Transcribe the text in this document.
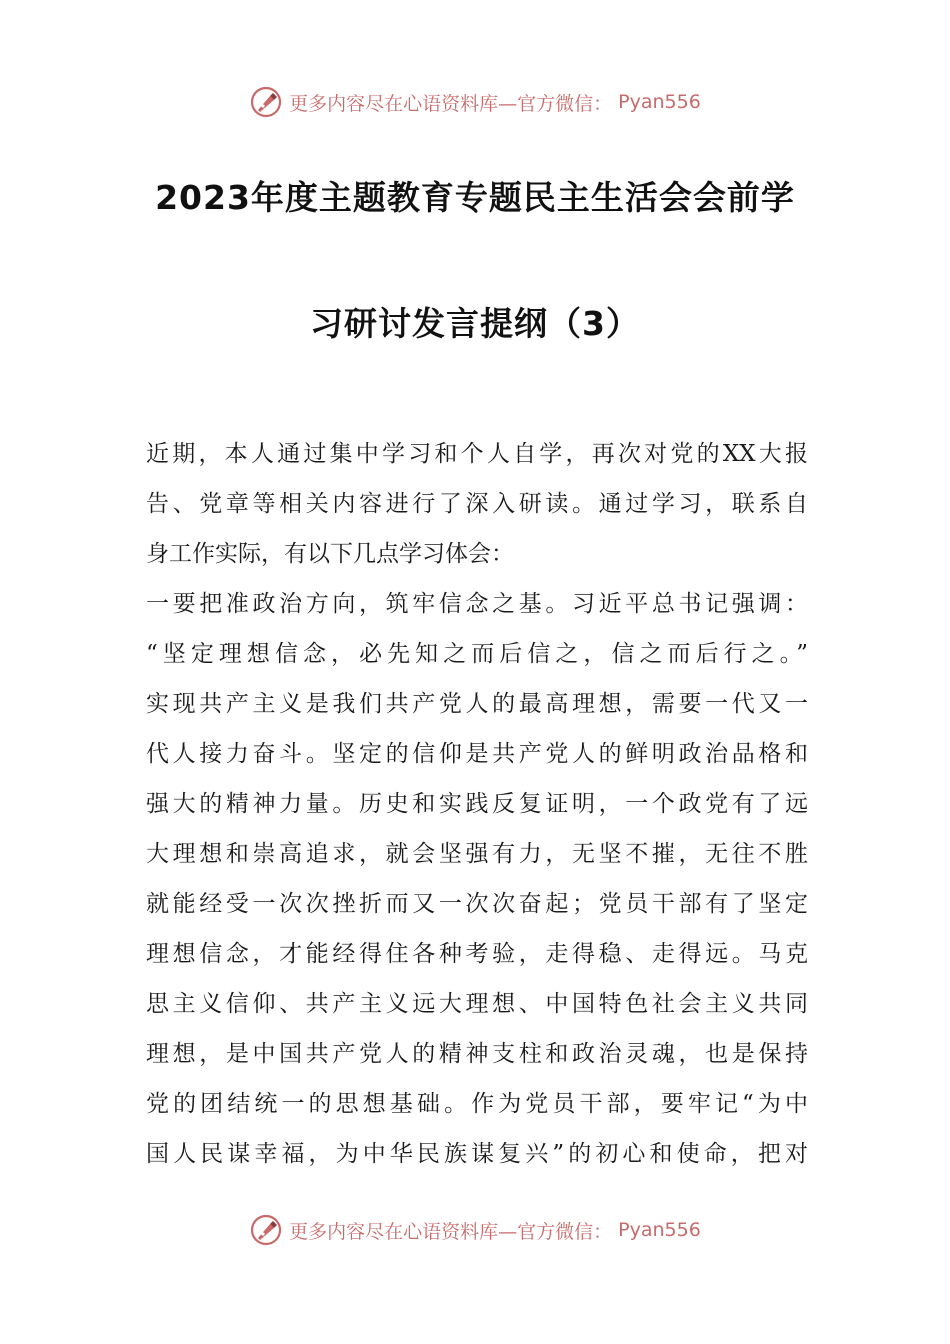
更多内容尽在心语资料库—官方微信： Pyan556
2023年度主题教育专题民主生活会会前学
习研讨发言提纲（3）
近期，本人通过集中学习和个人自学，再次对党的XX大报
告、党章等相关内容进行了深入研读。通过学习，联系自
身工作实际，有以下几点学习体会：
一要把准政治方向，筑牢信念之基。习近平总书记强调：
“坚定理想信念，必先知之而后信之，信之而后行之。”
实现共产主义是我们共产党人的最高理想，需要一代又一
代人接力奋斗。坚定的信仰是共产党人的鲜明政治品格和
强大的精神力量。历史和实践反复证明，一个政党有了远
大理想和崇高追求，就会坚强有力，无坚不摧，无往不胜
就能经受一次次挫折而又一次次奋起；党员干部有了坚定
理想信念，才能经得住各种考验，走得稳、走得远。马克
思主义信仰、共产主义远大理想、中国特色社会主义共同
理想，是中国共产党人的精神支柱和政治灵魂，也是保持
党的团结统一的思想基础。作为党员干部，要牢记“为中
国人民谋幸福，为中华民族谋复兴”的初心和使命，把对
更多内容尽在心语资料库—官方微信： Pyan556
